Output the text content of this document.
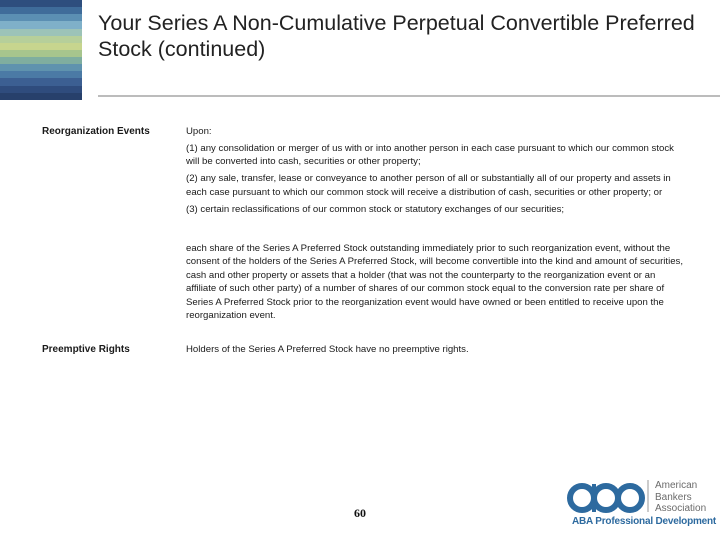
Your Series A Non-Cumulative Perpetual Convertible Preferred Stock (continued)
Reorganization Events	Upon:

(1) any consolidation or merger of us with or into another person in each case pursuant to which our common stock will be converted into cash, securities or other property;

(2) any sale, transfer, lease or conveyance to another person of all or substantially all of our property and assets in each case pursuant to which our common stock will receive a distribution of cash, securities or other property; or

(3) certain reclassifications of our common stock or statutory exchanges of our securities;

each share of the Series A Preferred Stock outstanding immediately prior to such reorganization event, without the consent of the holders of the Series A Preferred Stock, will become convertible into the kind and amount of securities, cash and other property or assets that a holder (that was not the counterparty to the reorganization event or an affiliate of such other party) of a number of shares of our common stock equal to the conversion rate per share of Series A Preferred Stock prior to the reorganization event would have owned or been entitled to receive upon the reorganization event.
Preemptive Rights	Holders of the Series A Preferred Stock have no preemptive rights.
60
American
Bankers
Association
ABA Professional Development
